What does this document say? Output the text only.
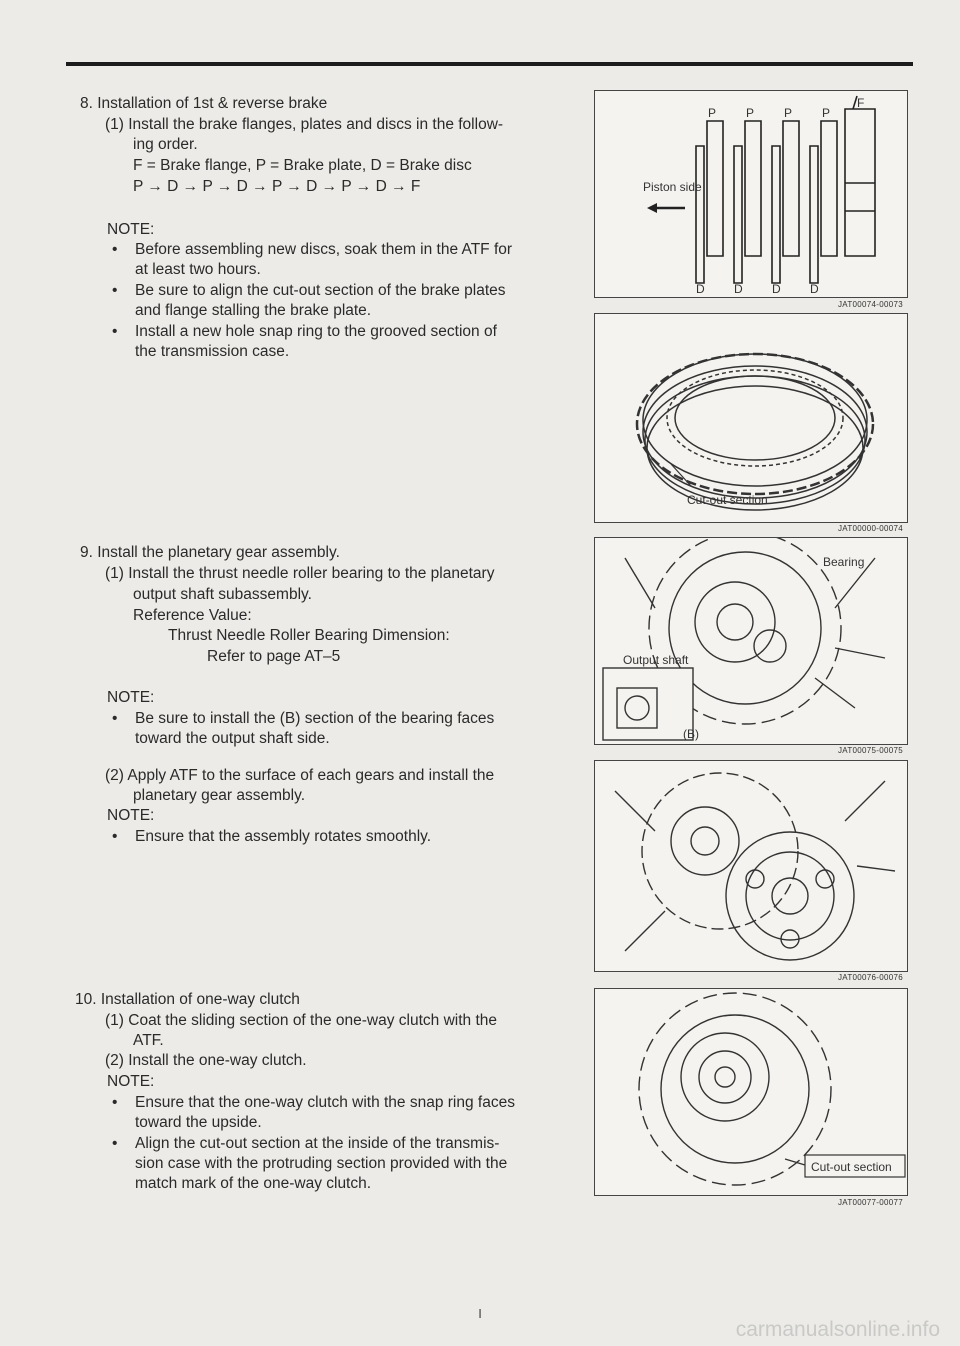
8. Installation of 1st & reverse brake
(1) Install the brake flanges, plates and discs in the follow-
ing order.
F = Brake flange, P = Brake plate, D = Brake disc
P → D → P → D → P → D → P → D → F
NOTE:
• Before assembling new discs, soak them in the ATF for
at least two hours.
• Be sure to align the cut-out section of the brake plates
and flange stalling the brake plate.
• Install a new hole snap ring to the grooved section of
the transmission case.
9. Install the planetary gear assembly.
(1) Install the thrust needle roller bearing to the planetary
output shaft subassembly.
Reference Value:
Thrust Needle Roller Bearing Dimension:
Refer to page AT–5
NOTE:
• Be sure to install the (B) section of the bearing faces
toward the output shaft side.
(2) Apply ATF to the surface of each gears and install the
planetary gear assembly.
NOTE:
• Ensure that the assembly rotates smoothly.
10. Installation of one-way clutch
(1) Coat the sliding section of the one-way clutch with the
ATF.
(2) Install the one-way clutch.
NOTE:
• Ensure that the one-way clutch with the snap ring faces
toward the upside.
• Align the cut-out section at the inside of the transmis-
sion case with the protruding section provided with the
match mark of the one-way clutch.
P P P P
F
D D D D
Piston side
JAT00074-00073
Cut-out section
JAT00000-00074
Bearing
Output shaft
(B)
JAT00075-00075
JAT00076-00076
Cut-out section
JAT00077-00077
I
carmanualsonline.info
